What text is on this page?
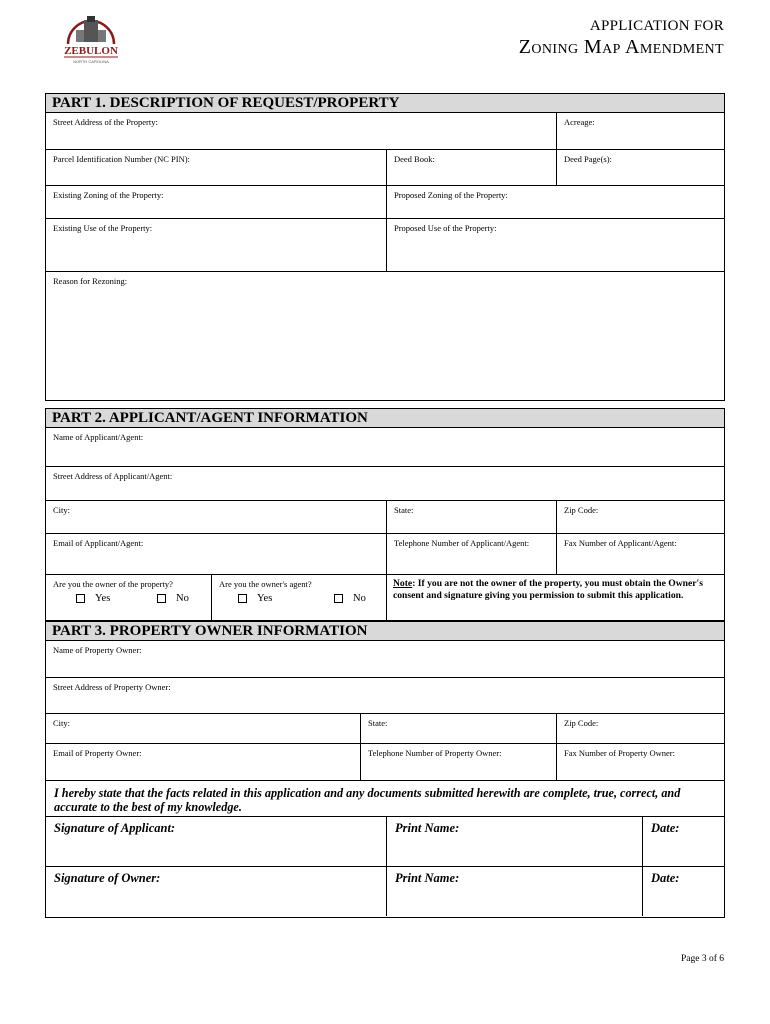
ZEBULON
NORTH CAROLINA
APPLICATION FOR
Zoning Map Amendment
PART 1. DESCRIPTION OF REQUEST/PROPERTY
Street Address of the Property:	Acreage:
Parcel Identification Number (NC PIN):	Deed Book:	Deed Page(s):
Existing Zoning of the Property:	Proposed Zoning of the Property:
Existing Use of the Property:	Proposed Use of the Property:
Reason for Rezoning:
PART 2. APPLICANT/AGENT INFORMATION
Name of Applicant/Agent:
Street Address of Applicant/Agent:
City:	State:	Zip Code:
Email of Applicant/Agent:	Telephone Number of Applicant/Agent:	Fax Number of Applicant/Agent:
Are you the owner of the property?
Yes	No
Are you the owner's agent?
Yes	No
Note: If you are not the owner of the property, you must obtain the Owner's consent and signature giving you permission to submit this application.
PART 3. PROPERTY OWNER INFORMATION
Name of Property Owner:
Street Address of Property Owner:
City:	State:	Zip Code:
Email of Property Owner:	Telephone Number of Property Owner:	Fax Number of Property Owner:
I hereby state that the facts related in this application and any documents submitted herewith are complete, true, correct, and accurate to the best of my knowledge.
Signature of Applicant:	Print Name:	Date:
Signature of Owner:	Print Name:	Date:
Page 3 of 6
